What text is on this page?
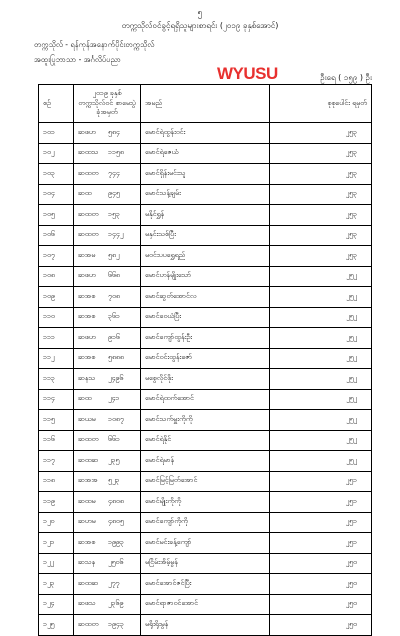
၅
တက္ကသိုလ်ဝင်ခွင့်ရရှိသူများစာရင်း (၂၀၁၉ ခုနှစ်အောင်)
တက္ကသိုလ် - ရန်ကုန်အနောက်ပိုင်းတက္ကသိုလ်
အထူးပြုဘာသာ - အင်္ဂလိပ်ပညာ
WYUSU	ဦးရေ ( ၁၅၉ ) ဦး
စဉ်	၂၀၁၉ ခုနှစ် တက္ကသိုလ်ဝင် စာမေးပွဲခုံအမှတ်	အမည်	စုစုပေါင်း ရမှတ်
၁၀၁	ဆဖဟ ၅၈၄	မောင်ရဲထွန်းဝင်း	၂၅၃
၁၀၂	ဆထသ ၁၁၅၈	မောင်ရဲဇေယံ	၂၅၃
၁၀၃	ဆထတ ၇၄၄	မောင်ရှိန်းမင်းသူ	၂၅၃
၁၀၄	ဆထ ၉၄၅	မောင်သန့်ချမ်း	၂၅၃
၁၀၅	ဆထတ ၁၅၃	မနိုင်ရွှန်	၂၅၃
၁၀၆	ဆထတ ၁၄၄၂	မနှင်းသစ်ပြီး	၂၅၃
၁၀၇	ဆအမ ၅၈၂	မဝင်းပပရွှေရည်	၂၅၃
၁၀၈	ဆဖဟ ၆၆၈	မောင်ဟန်မျိုးသော်	၂၅၂
၁၀၉	ဆအစ ၇၀၈	မောင်ဆွတ်အောင်လ	၂၅၂
၁၁၀	ဆအစ ၃၆၁	မောင်ဝေယံပြီး	၂၅၂
၁၁၁	ဆဖဟ ၉၁၆	မောင်ကျော်ထွန်းဦး	၂၅၂
၁၁၂	ဆအစ ၅၈၈၈	မောင်ဝင်းထွန်းဇော်	၂၅၂
၁၁၃	ဆနသ ၂၄၉၆	မစွေလိုင်ဖိုး	၂၅၂
၁၁၄	ဆထ ၂၄၁	မောင်ရဲထက်အောင်	၂၅၂
၁၁၅	ဆယမ ၁၀၈၇	မောင်သက်မှူးကိုကို	၂၅၂
၁၁၆	ဆထတ ၆၆၁	မောင်ရဲနိုင်	၂၅၂
၁၁၇	ဆထဆ ၂၃၅	မောင်ရဲမာန်	၂၅၂
၁၁၈	ဆအအ ၅၂၃	မောင်မြင့်မြတ်အောင်	၂၅၁
၁၁၉	ဆထမ ၄၈၀၈	မောင်မျိုးကိုကို	၂၅၁
၁၂၀	ဆဟမ ၄၈၀၅	မောင်ကျော်ကိုကို	၂၅၁
၁၂၁	ဆအစ ၁၉၉၃	မောင်မင်းခန့်ကျော်	၂၅၁
၁၂၂	ဆသန ၂၅၀၆	မငြိမ်းအိမ့်မွန်	၂၅၀
၁၂၃	ဆထဆ ၂၇၇	မောင်အောင်ဇင်ပြီး	၂၅၀
၁၂၄	ဆဖသ ၂၃၆၉	မောင်ရာဇာဝင်အောင်	၂၅၀
၁၂၅	ဆထတ ၁၉၄၃	မရိုးရိုးမွန်	၂၅၀
